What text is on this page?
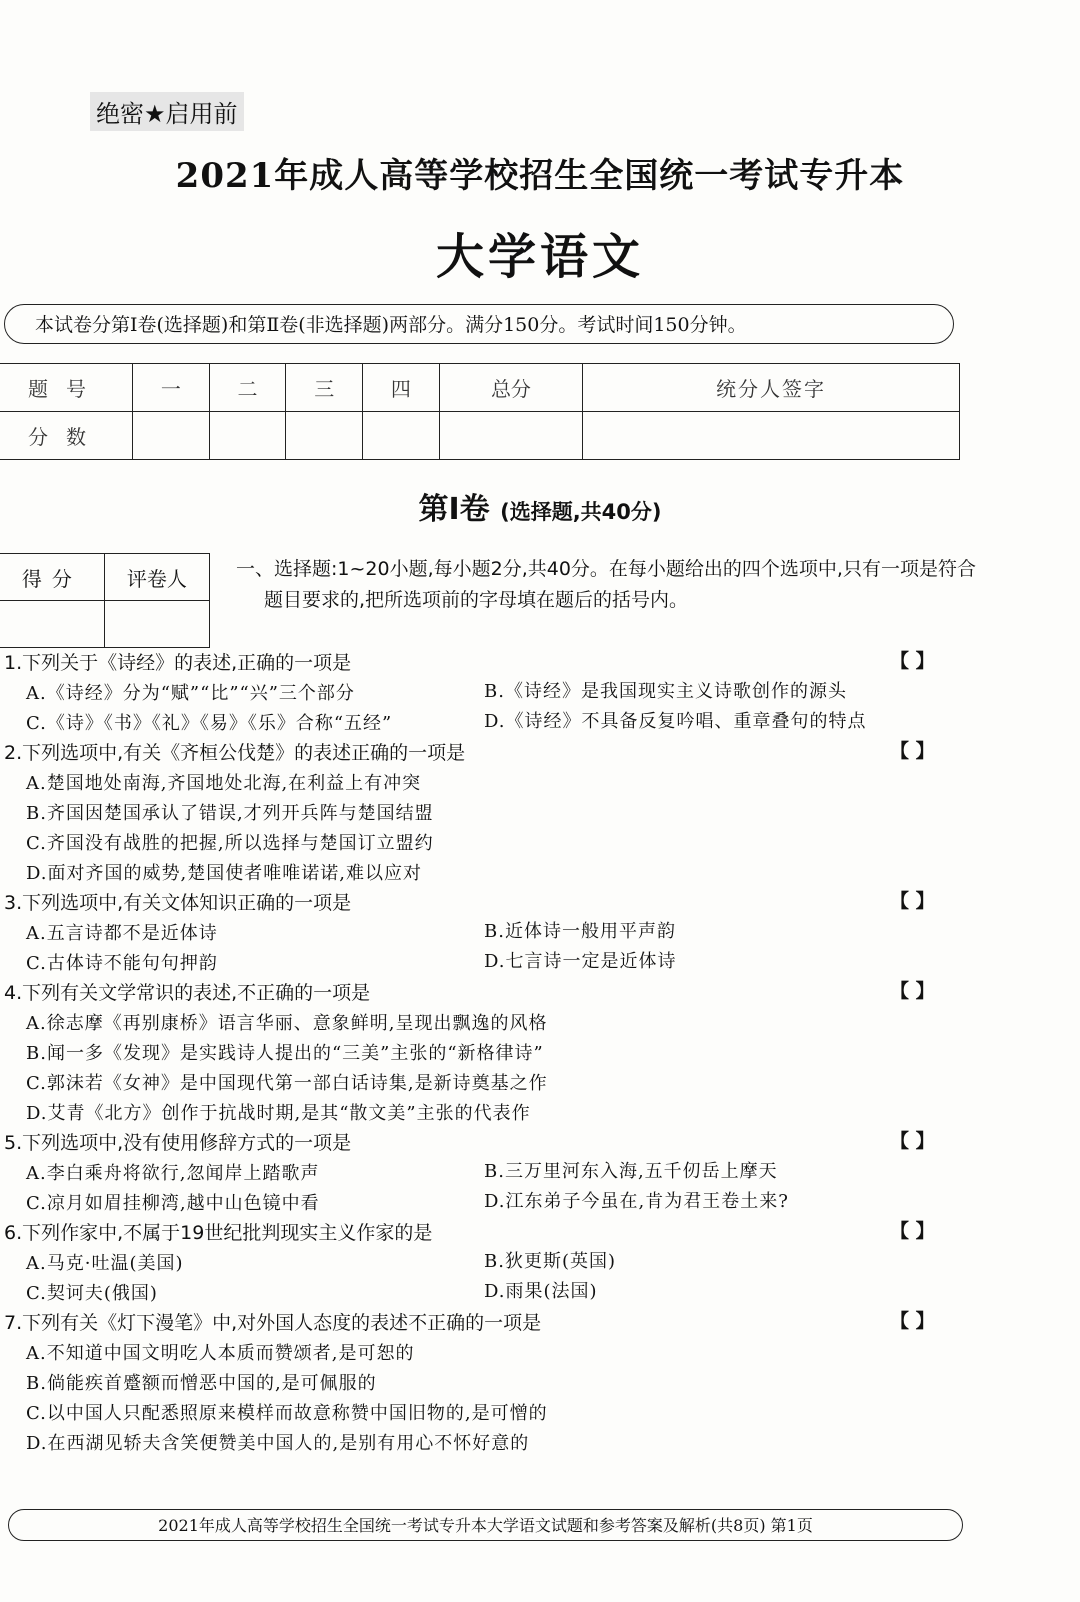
绝密★启用前
2021年成人高等学校招生全国统一考试专升本
大学语文
本试卷分第Ⅰ卷(选择题)和第Ⅱ卷(非选择题)两部分。满分150分。考试时间150分钟。
题号	一	二	三	四	总分	统分人签字
分数						
第Ⅰ卷 (选择题,共40分)
得分	评卷人
		一、选择题:1~20小题,每小题2分,共40分。在每小题给出的四个选项中,只有一项是符合题目要求的,把所选项前的字母填在题后的括号内。
1.下列关于《诗经》的表述,正确的一项是	【 】
A.《诗经》分为“赋”“比”“兴”三个部分	B.《诗经》是我国现实主义诗歌创作的源头
C.《诗》《书》《礼》《易》《乐》合称“五经”	D.《诗经》不具备反复吟唱、重章叠句的特点
2.下列选项中,有关《齐桓公伐楚》的表述正确的一项是	【 】
A.楚国地处南海,齐国地处北海,在利益上有冲突
B.齐国因楚国承认了错误,才列开兵阵与楚国结盟
C.齐国没有战胜的把握,所以选择与楚国订立盟约
D.面对齐国的威势,楚国使者唯唯诺诺,难以应对
3.下列选项中,有关文体知识正确的一项是	【 】
A.五言诗都不是近体诗	B.近体诗一般用平声韵
C.古体诗不能句句押韵	D.七言诗一定是近体诗
4.下列有关文学常识的表述,不正确的一项是	【 】
A.徐志摩《再别康桥》语言华丽、意象鲜明,呈现出飘逸的风格
B.闻一多《发现》是实践诗人提出的“三美”主张的“新格律诗”
C.郭沫若《女神》是中国现代第一部白话诗集,是新诗奠基之作
D.艾青《北方》创作于抗战时期,是其“散文美”主张的代表作
5.下列选项中,没有使用修辞方式的一项是	【 】
A.李白乘舟将欲行,忽闻岸上踏歌声	B.三万里河东入海,五千仞岳上摩天
C.凉月如眉挂柳湾,越中山色镜中看	D.江东弟子今虽在,肯为君王卷土来?
6.下列作家中,不属于19世纪批判现实主义作家的是	【 】
A.马克·吐温(美国)	B.狄更斯(英国)
C.契诃夫(俄国)	D.雨果(法国)
7.下列有关《灯下漫笔》中,对外国人态度的表述不正确的一项是	【 】
A.不知道中国文明吃人本质而赞颂者,是可恕的
B.倘能疾首蹙额而憎恶中国的,是可佩服的
C.以中国人只配悉照原来模样而故意称赞中国旧物的,是可憎的
D.在西湖见轿夫含笑便赞美中国人的,是别有用心不怀好意的
2021年成人高等学校招生全国统一考试专升本大学语文试题和参考答案及解析(共8页) 第1页
